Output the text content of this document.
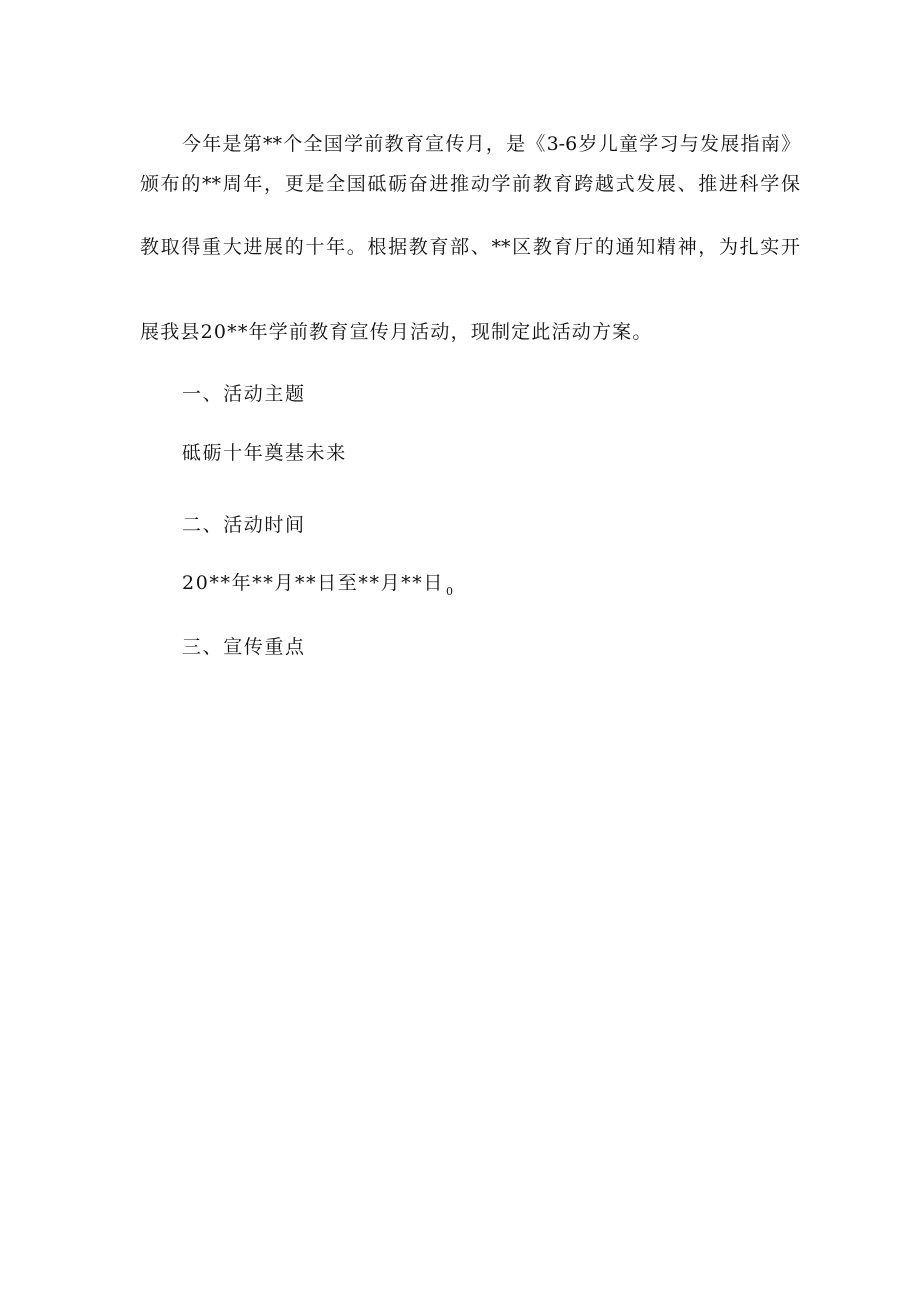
今年是第**个全国学前教育宣传月，是《3-6岁儿童学习与发展指南》
颁布的**周年，更是全国砥砺奋进推动学前教育跨越式发展、推进科学保
教取得重大进展的十年。根据教育部、**区教育厅的通知精神，为扎实开
展我县20**年学前教育宣传月活动，现制定此活动方案。
一、活动主题
砥砺十年奠基未来
二、活动时间
20**年**月**日至**月**日 $_0$
三、宣传重点
